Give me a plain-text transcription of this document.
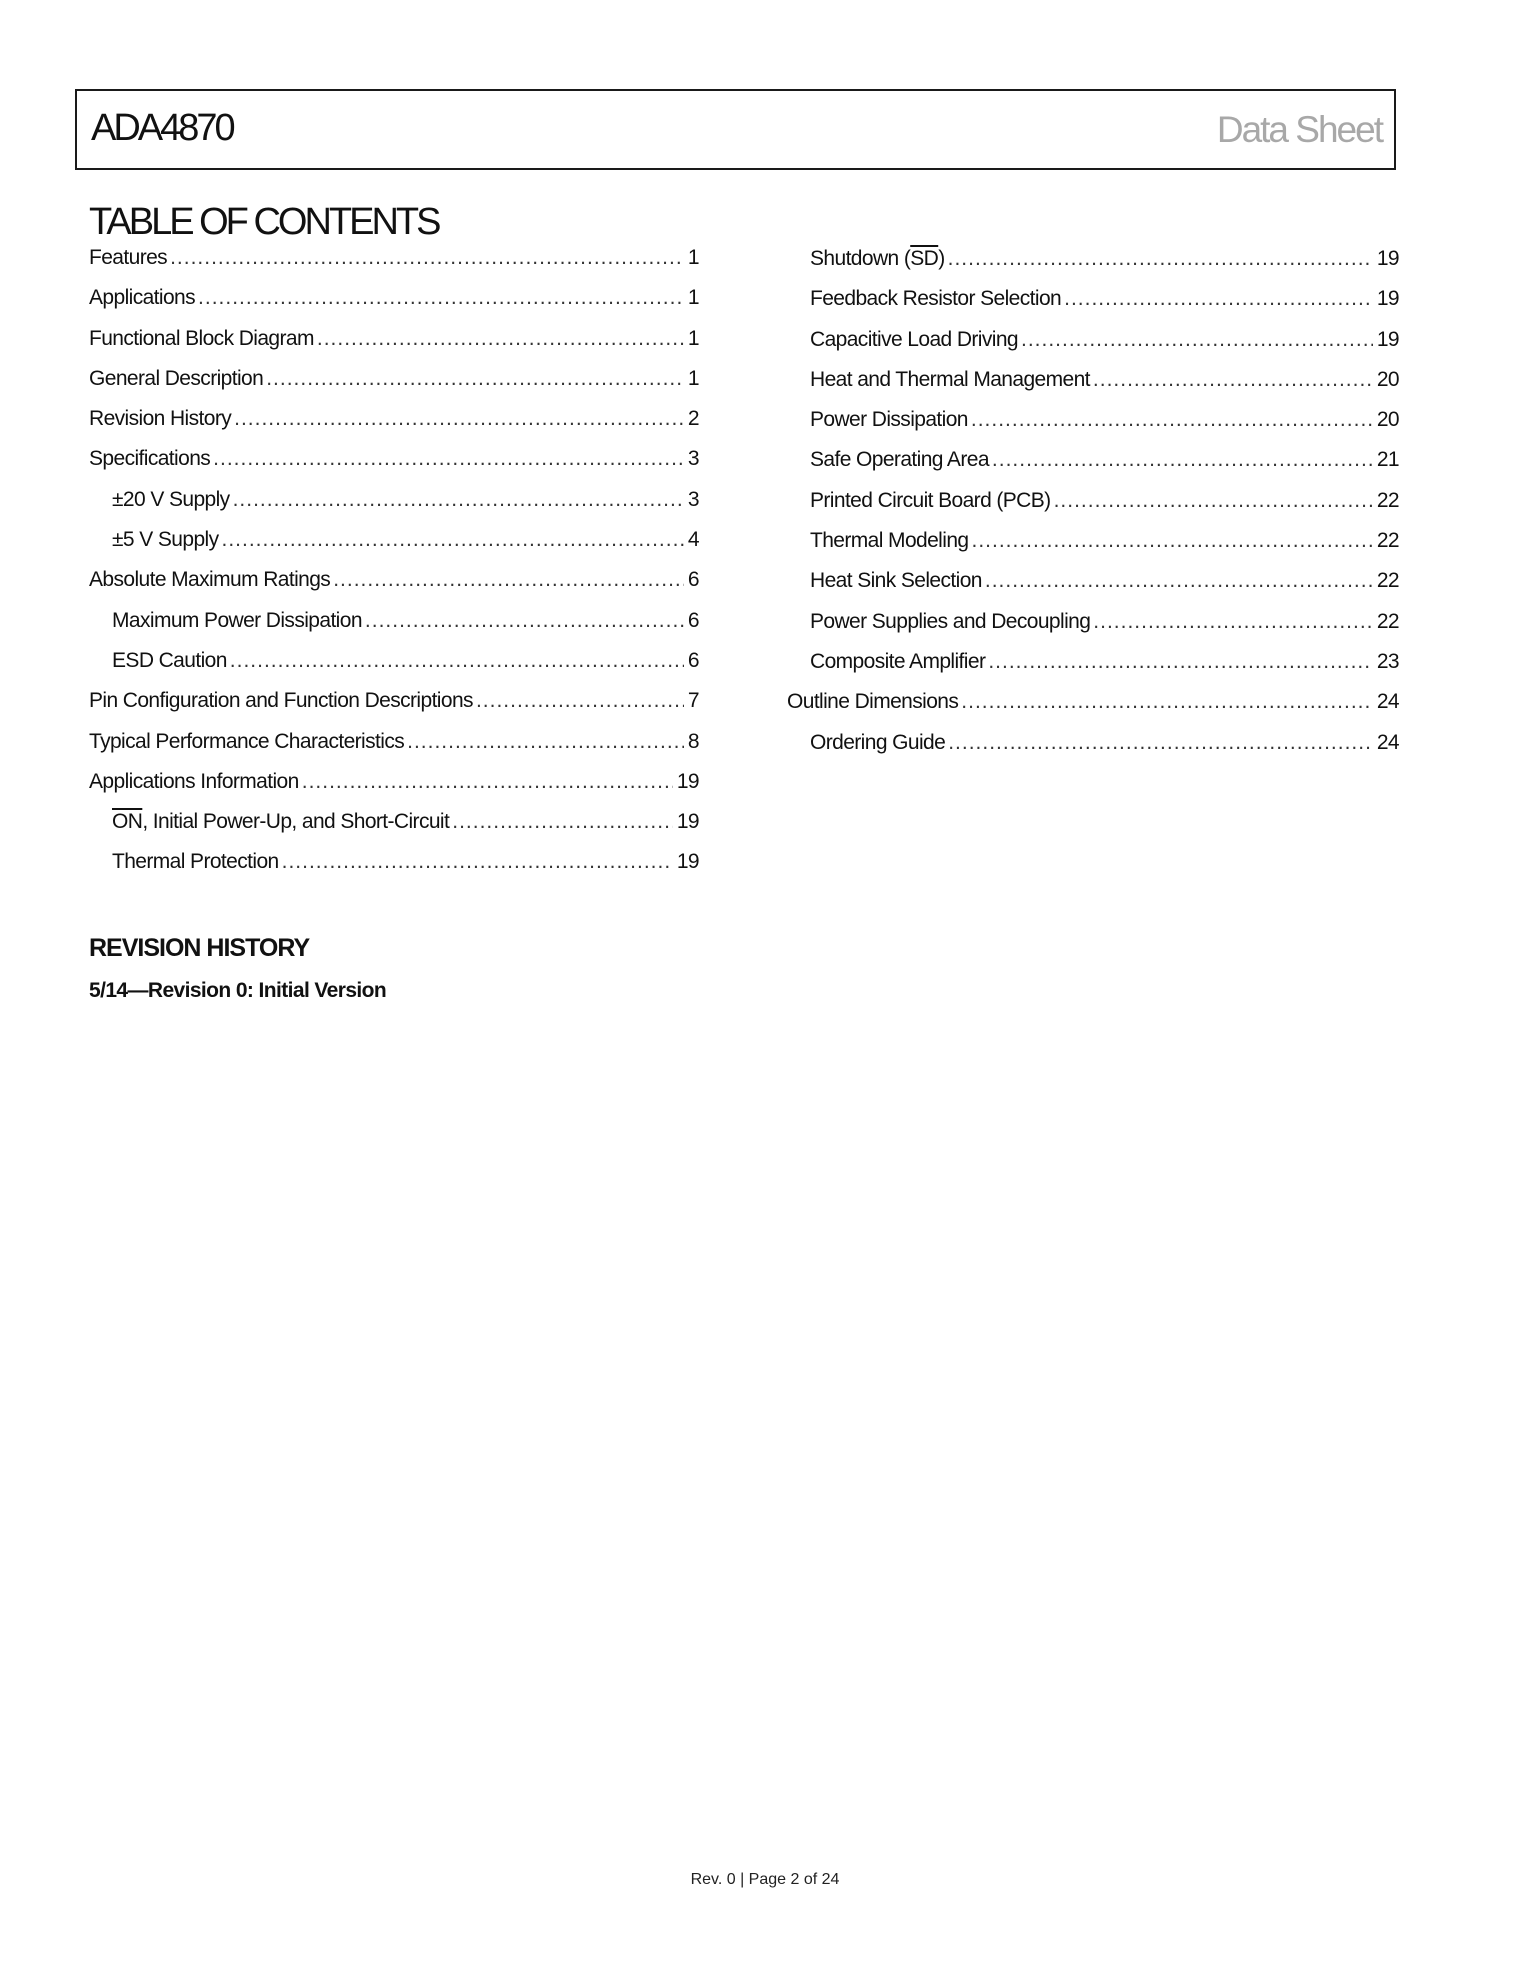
ADA4870	Data Sheet
TABLE OF CONTENTS
Features .....	1
Applications .....	1
Functional Block Diagram .....	1
General Description .....	1
Revision History .....	2
Specifications .....	3
±20 V Supply .....	3
±5 V Supply .....	4
Absolute Maximum Ratings .....	6
Maximum Power Dissipation .....	6
ESD Caution .....	6
Pin Configuration and Function Descriptions .....	7
Typical Performance Characteristics .....	8
Applications Information .....	19
$\overline{ON}$, Initial Power-Up, and Short-Circuit .....	19
Thermal Protection .....	19
Shutdown $(\overline{SD})$ .....	19
Feedback Resistor Selection .....	19
Capacitive Load Driving .....	19
Heat and Thermal Management .....	20
Power Dissipation .....	20
Safe Operating Area .....	21
Printed Circuit Board (PCB) .....	22
Thermal Modeling .....	22
Heat Sink Selection .....	22
Power Supplies and Decoupling .....	22
Composite Amplifier .....	23
Outline Dimensions .....	24
Ordering Guide .....	24
REVISION HISTORY

5/14—Revision 0: Initial Version

Rev. 0 | Page 2 of 24
